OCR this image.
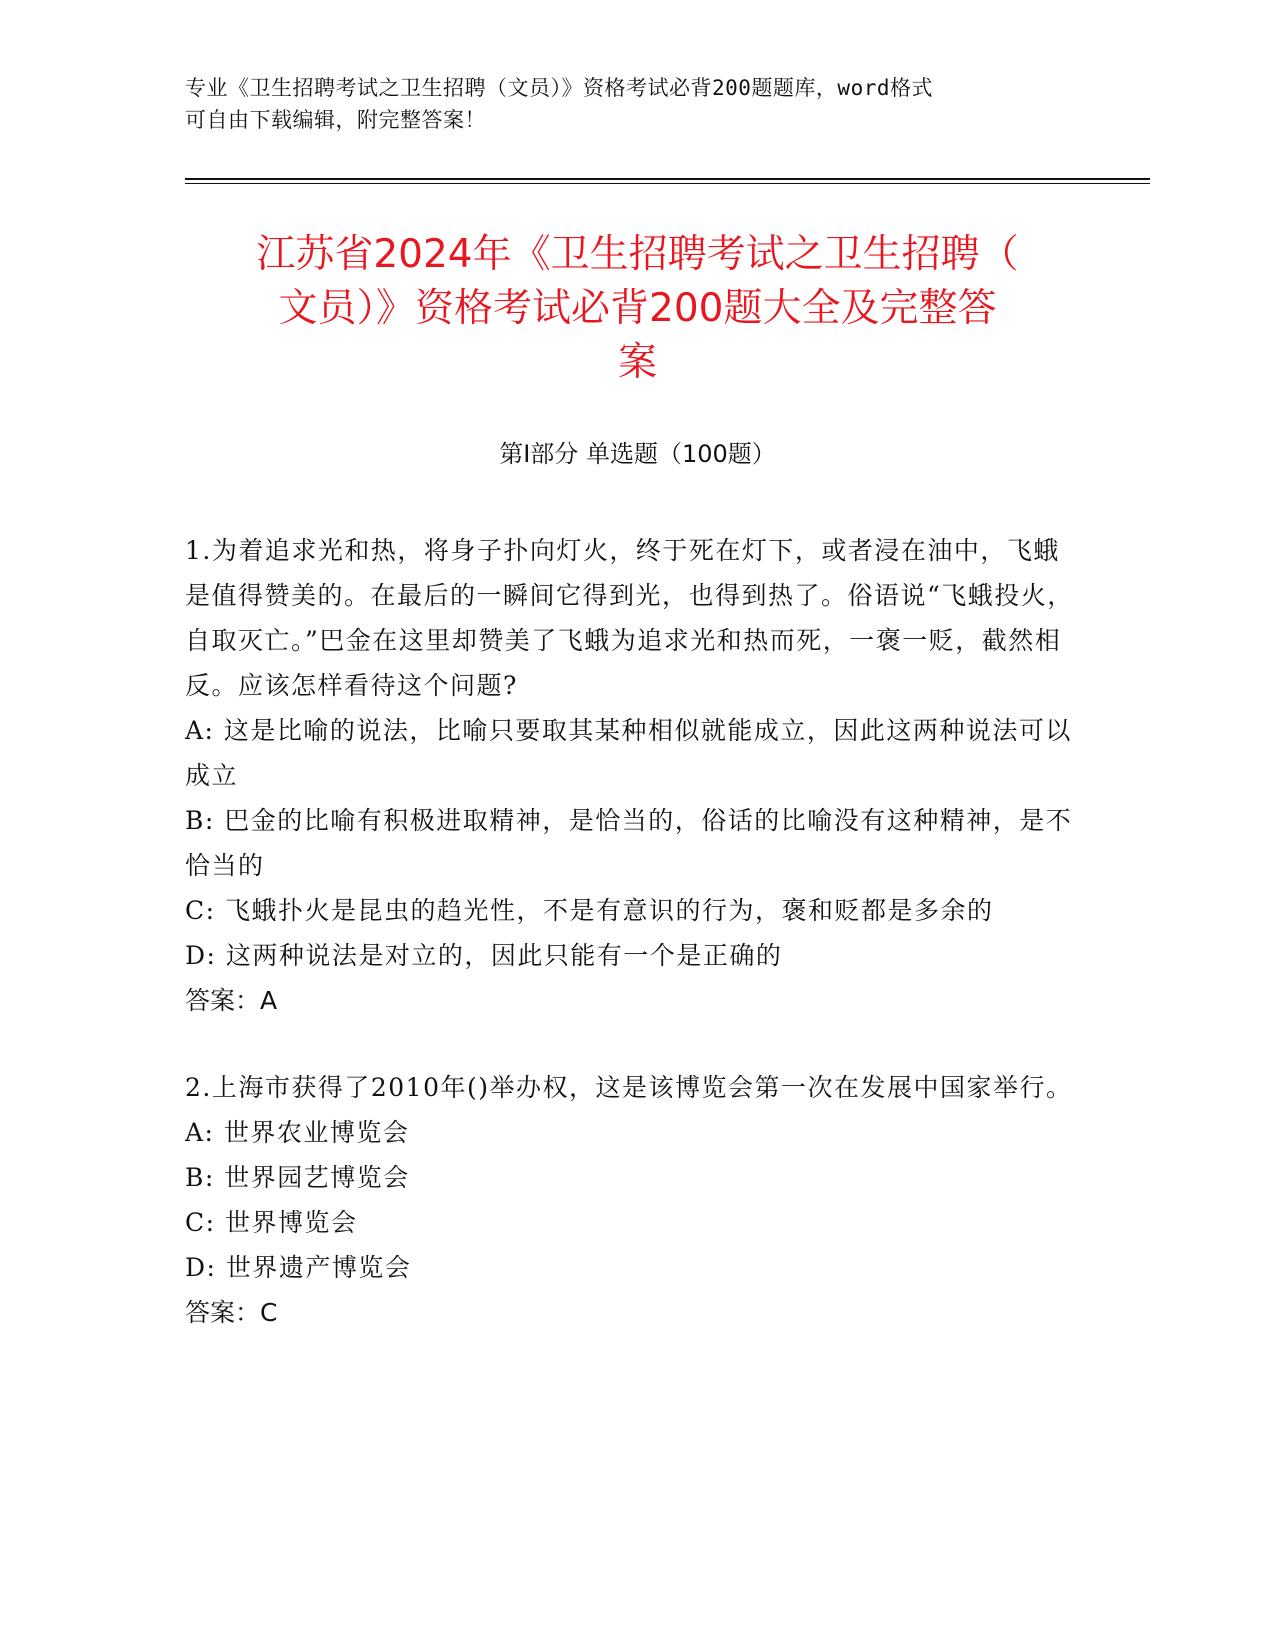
专业《卫生招聘考试之卫生招聘（文员）》资格考试必背200题题库，word格式
可自由下载编辑，附完整答案！
江苏省2024年《卫生招聘考试之卫生招聘（
文员）》资格考试必背200题大全及完整答
案
第Ⅰ部分 单选题（100题）

1.为着追求光和热，将身子扑向灯火，终于死在灯下，或者浸在油中，飞蛾是值得赞美的。在最后的一瞬间它得到光，也得到热了。俗语说“飞蛾投火，自取灭亡。”巴金在这里却赞美了飞蛾为追求光和热而死，一褒一贬，截然相反。应该怎样看待这个问题?

A: 这是比喻的说法，比喻只要取其某种相似就能成立，因此这两种说法可以成立

B: 巴金的比喻有积极进取精神，是恰当的，俗话的比喻没有这种精神，是不恰当的

C: 飞蛾扑火是昆虫的趋光性，不是有意识的行为，褒和贬都是多余的

D: 这两种说法是对立的，因此只能有一个是正确的

答案：A

2.上海市获得了2010年()举办权，这是该博览会第一次在发展中国家举行。

A: 世界农业博览会

B: 世界园艺博览会

C: 世界博览会

D: 世界遗产博览会

答案：C
